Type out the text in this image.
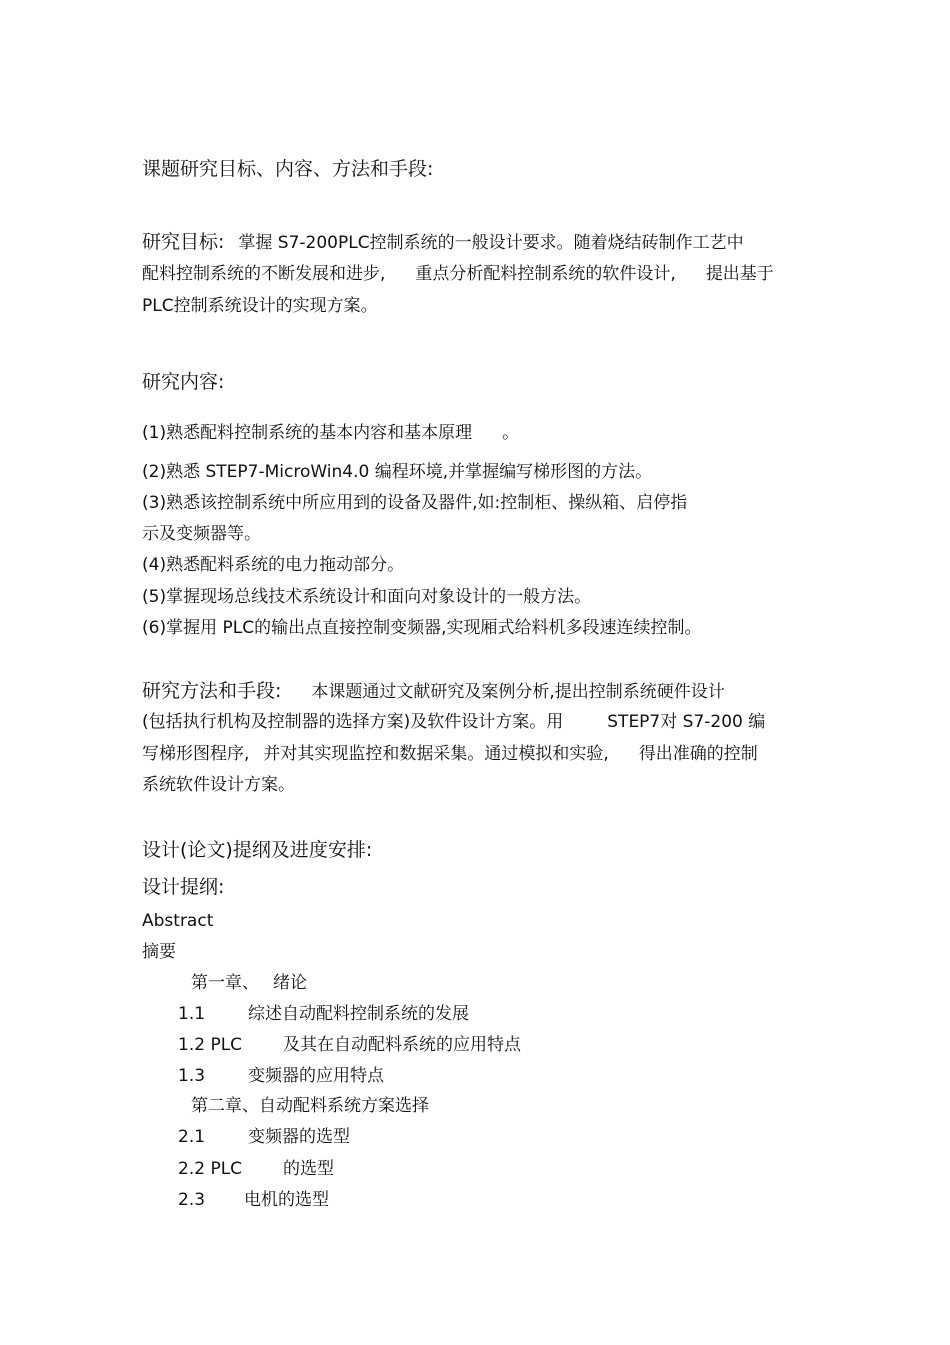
课题研究目标、内容、方法和手段:
研究目标: 掌握 S7-200PLC控制系统的一般设计要求。随着烧结砖制作工艺中
配料控制系统的不断发展和进步, 重点分析配料控制系统的软件设计, 提出基于
PLC控制系统设计的实现方案。
研究内容:
(1)熟悉配料控制系统的基本内容和基本原理 。
(2)熟悉 STEP7-MicroWin4.0 编程环境,并掌握编写梯形图的方法。
(3)熟悉该控制系统中所应用到的设备及器件,如:控制柜、操纵箱、启停指
示及变频器等。
(4)熟悉配料系统的电力拖动部分。
(5)掌握现场总线技术系统设计和面向对象设计的一般方法。
(6)掌握用 PLC的输出点直接控制变频器,实现厢式给料机多段速连续控制。
研究方法和手段: 本课题通过文献研究及案例分析,提出控制系统硬件设计
(包括执行机构及控制器的选择方案)及软件设计方案。用	STEP7对 S7-200 编
写梯形图程序, 并对其实现监控和数据采集。通过模拟和实验, 得出准确的控制
系统软件设计方案。
设计(论文)提纲及进度安排:
设计提纲:
Abstract
摘要
第一章、 绪论
1.1	综述自动配料控制系统的发展
1.2 PLC 及其在自动配料系统的应用特点
1.3	变频器的应用特点
第二章、自动配料系统方案选择
2.1	变频器的选型
2.2 PLC 的选型
2.3 电机的选型
